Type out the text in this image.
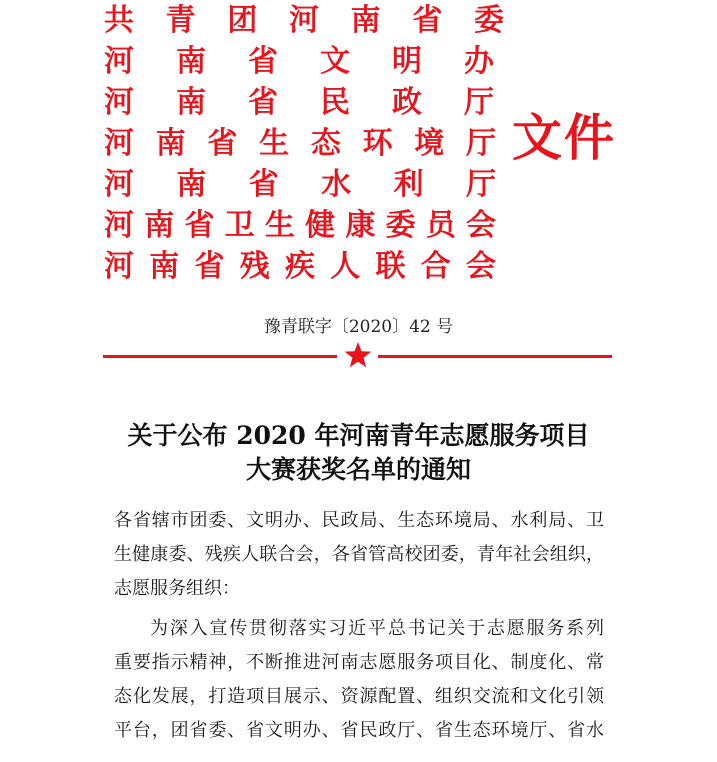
共青团河南省委
河南省文明办
河南省民政厅
河南省生态环境厅
河南省水利厅
河南省卫生健康委员会
河南省残疾人联合会
文件
豫青联字〔2020〕42 号
关于公布 2020 年河南青年志愿服务项目
大赛获奖名单的通知
各省辖市团委、文明办、民政局、生态环境局、水利局、卫
生健康委、残疾人联合会，各省管高校团委，青年社会组织，
志愿服务组织：
为深入宣传贯彻落实习近平总书记关于志愿服务系列
重要指示精神，不断推进河南志愿服务项目化、制度化、常
态化发展，打造项目展示、资源配置、组织交流和文化引领
平台，团省委、省文明办、省民政厅、省生态环境厅、省水
